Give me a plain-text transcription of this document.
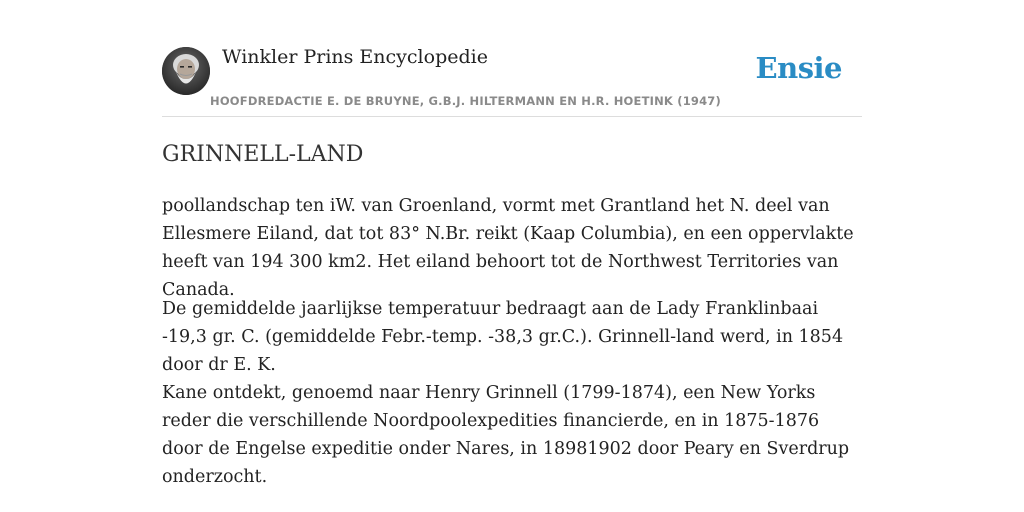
Winkler Prins Encyclopedie
HOOFDREDACTIE E. DE BRUYNE, G.B.J. HILTERMANN EN H.R. HOETINK (1947)
Ensie
GRINNELL-LAND

poollandschap ten iW. van Groenland, vormt met Grantland het N. deel van Ellesmere Eiland, dat tot 83° N.Br. reikt (Kaap Columbia), en een oppervlakte heeft van 194 300 km2. Het eiland behoort tot de Northwest Territories van Canada.

De gemiddelde jaarlijkse temperatuur bedraagt aan de Lady Franklinbaai -19,3 gr. C. (gemiddelde Febr.-temp. -38,3 gr.C.). Grinnell-land werd, in 1854 door dr E. K.

Kane ontdekt, genoemd naar Henry Grinnell (1799-1874), een New Yorks reder die verschillende Noordpoolexpedities financierde, en in 1875-1876 door de Engelse expeditie onder Nares, in 18981902 door Peary en Sverdrup onderzocht.
